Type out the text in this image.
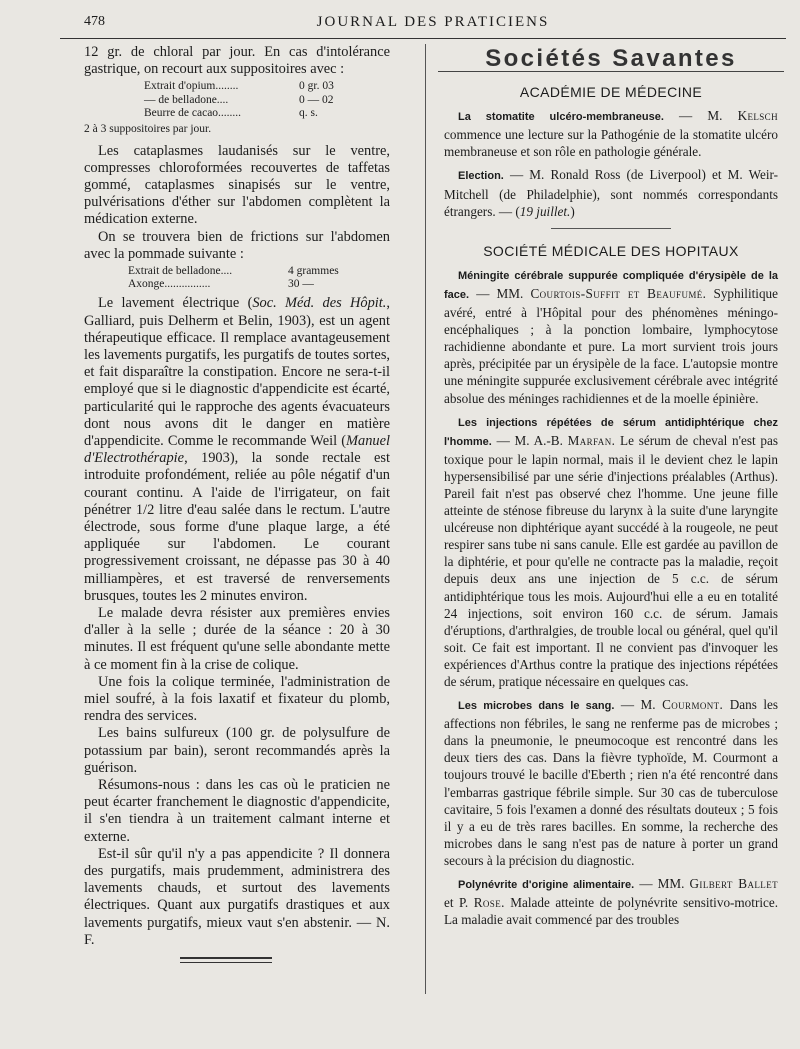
478	JOURNAL DES PRATICIENS

12 gr. de chloral par jour. En cas d'intolérance gastrique, on recourt aux suppositoires avec :

Extrait d'opium........	0 gr. 03
— de belladone....	0 — 02
Beurre de cacao........	q. s.

2 à 3 suppositoires par jour.

Les cataplasmes laudanisés sur le ventre, compresses chloroformées recouvertes de taffetas gommé, cataplasmes sinapisés sur le ventre, pulvérisations d'éther sur l'abdomen complètent la médication externe.

On se trouvera bien de frictions sur l'abdomen avec la pommade suivante :

Extrait de belladone....	4 grammes
Axonge................	30 —

Le lavement électrique (Soc. Méd. des Hôpit., Galliard, puis Delherm et Belin, 1903), est un agent thérapeutique efficace. Il remplace avantageusement les lavements purgatifs, les purgatifs de toutes sortes, et fait disparaître la constipation. Encore ne sera-t-il employé que si le diagnostic d'appendicite est écarté, particularité qui le rapproche des agents évacuateurs dont nous avons dit le danger en matière d'appendicite. Comme le recommande Weil (Manuel d'Electrothérapie, 1903), la sonde rectale est introduite profondément, reliée au pôle négatif d'un courant continu. A l'aide de l'irrigateur, on fait pénétrer 1/2 litre d'eau salée dans le rectum. L'autre électrode, sous forme d'une plaque large, a été appliquée sur l'abdomen. Le courant progressivement croissant, ne dépasse pas 30 à 40 milliampères, et est traversé de renversements brusques, toutes les 2 minutes environ.

Le malade devra résister aux premières envies d'aller à la selle ; durée de la séance : 20 à 30 minutes. Il est fréquent qu'une selle abondante mette à ce moment fin à la crise de colique.

Une fois la colique terminée, l'administration de miel soufré, à la fois laxatif et fixateur du plomb, rendra des services.

Les bains sulfureux (100 gr. de polysulfure de potassium par bain), seront recommandés après la guérison.

Résumons-nous : dans les cas où le praticien ne peut écarter franchement le diagnostic d'appendicite, il s'en tiendra à un traitement calmant interne et externe.

Est-il sûr qu'il n'y a pas appendicite ? Il donnera des purgatifs, mais prudemment, administrera des lavements chauds, et surtout des lavements électriques. Quant aux purgatifs drastiques et aux lavements purgatifs, mieux vaut s'en abstenir. — N. F.

Sociétés Savantes
ACADÉMIE DE MÉDECINE

La stomatite ulcéro-membraneuse. — M. Kelsch commence une lecture sur la Pathogénie de la stomatite ulcéro membraneuse et son rôle en pathologie générale.

Election. — M. Ronald Ross (de Liverpool) et M. Weir-Mitchell (de Philadelphie), sont nommés correspondants étrangers. — (19 juillet.)

SOCIÉTÉ MÉDICALE DES HOPITAUX

Méningite cérébrale suppurée compliquée d'érysipèle de la face. — MM. Courtois-Suffit et Beaufumé. Syphilitique avéré, entré à l'Hôpital pour des phénomènes méningo-encéphaliques ; à la ponction lombaire, lymphocytose rachidienne abondante et pure. La mort survient trois jours après, précipitée par un érysipèle de la face. L'autopsie montre une méningite suppurée exclusivement cérébrale avec intégrité absolue des méninges rachidiennes et de la moelle épinière.

Les injections répétées de sérum antidiphtérique chez l'homme. — M. A.-B. Marfan. Le sérum de cheval n'est pas toxique pour le lapin normal, mais il le devient chez le lapin hypersensibilisé par une série d'injections préalables (Arthus). Pareil fait n'est pas observé chez l'homme. Une jeune fille atteinte de sténose fibreuse du larynx à la suite d'une laryngite ulcéreuse non diphtérique ayant succédé à la rougeole, ne peut respirer sans tube ni sans canule. Elle est gardée au pavillon de la diphtérie, et pour qu'elle ne contracte pas la maladie, reçoit depuis deux ans une injection de 5 c.c. de sérum antidiphtérique tous les mois. Aujourd'hui elle a eu en totalité 24 injections, soit environ 160 c.c. de sérum. Jamais d'éruptions, d'arthralgies, de trouble local ou général, quel qu'il soit. Ce fait est important. Il ne convient pas d'invoquer les expériences d'Arthus contre la pratique des injections répétées de sérum, pratique nécessaire en quelques cas.

Les microbes dans le sang. — M. Courmont. Dans les affections non fébriles, le sang ne renferme pas de microbes ; dans la pneumonie, le pneumocoque est rencontré dans les deux tiers des cas. Dans la fièvre typhoïde, M. Courmont a toujours trouvé le bacille d'Eberth ; rien n'a été rencontré dans l'embarras gastrique fébrile simple. Sur 30 cas de tuberculose cavitaire, 5 fois l'examen a donné des résultats douteux ; 5 fois il y a eu de très rares bacilles. En somme, la recherche des microbes dans le sang n'est pas de nature à porter un grand secours à la précision du diagnostic.

Polynévrite d'origine alimentaire. — MM. Gilbert Ballet et P. Rose. Malade atteinte de polynévrite sensitivo-motrice. La maladie avait commencé par des troubles
